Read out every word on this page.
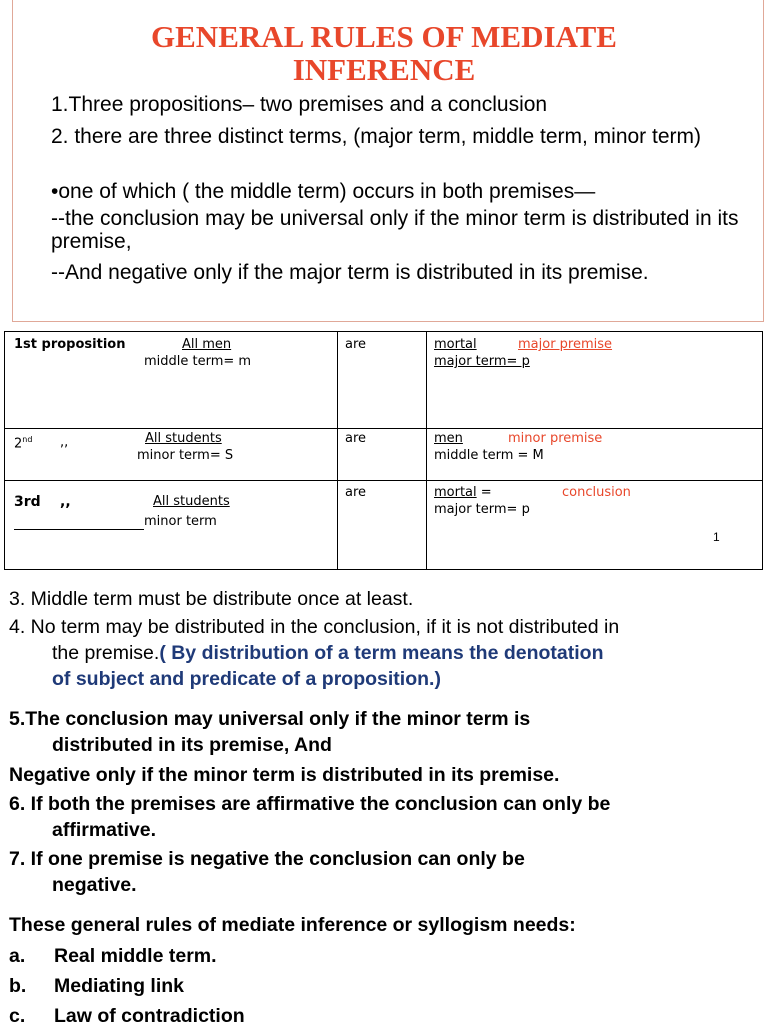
GENERAL RULES OF MEDIATE
INFERENCE
1.Three propositions– two premises and a conclusion
2. there are three distinct terms, (major term, middle term, minor term)
•one of which ( the middle term) occurs in both premises—
--the conclusion may be universal only if the minor term is distributed in its premise,
--And negative only if the major term is distributed in its premise.
1st proposition All men
middle term= m	are	mortal major premise
major term= p

2nd ,, All students
minor term= S	are	men minor premise
middle term = M

3rd ,, All students
minor term	are	mortal = conclusion
major term= p
1
3. Middle term must be distribute once at least.
4. No term may be distributed in the conclusion, if it is not distributed in
the premise.( By distribution of a term means the denotation
of subject and predicate of a proposition.)
5.The conclusion may universal only if the minor term is
distributed in its premise, And
Negative only if the minor term is distributed in its premise.
6. If both the premises are affirmative the conclusion can only be
affirmative.
7. If one premise is negative the conclusion can only be
negative.
These general rules of mediate inference or syllogism needs:
a. Real middle term.
b. Mediating link
c. Law of contradiction
